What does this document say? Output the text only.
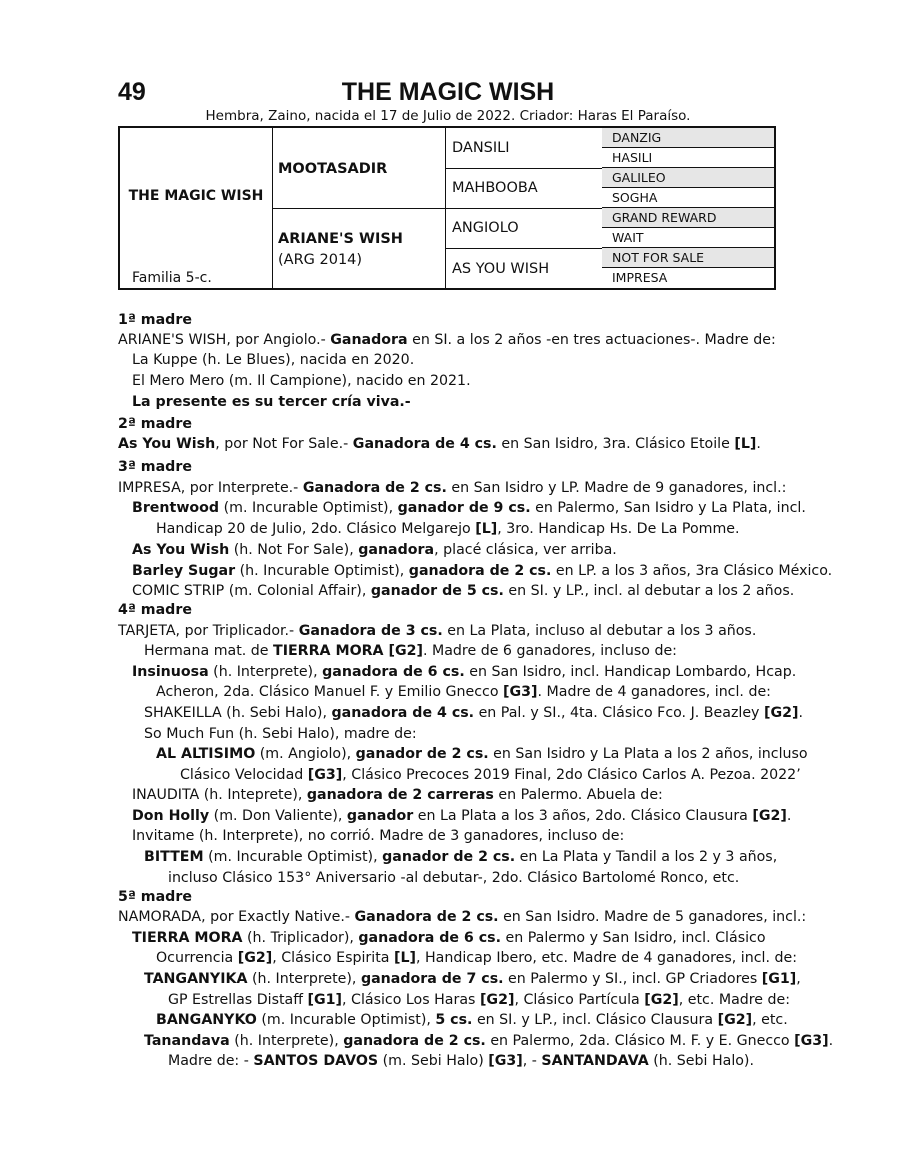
49	THE MAGIC WISH
Hembra, Zaino, nacida el 17 de Julio de 2022. Criador: Haras El Paraíso.
THE MAGIC WISH
Familia 5-c.
MOOTASADIR
ARIANE'S WISH
(ARG 2014)
DANSILI
MAHBOOBA
ANGIOLO
AS YOU WISH
DANZIG
HASILI
GALILEO
SOGHA
GRAND REWARD
WAIT
NOT FOR SALE
IMPRESA
1ª madre
ARIANE'S WISH, por Angiolo.- Ganadora en SI. a los 2 años -en tres actuaciones-. Madre de:
La Kuppe (h. Le Blues), nacida en 2020.
El Mero Mero (m. Il Campione), nacido en 2021.
La presente es su tercer cría viva.-
2ª madre
As You Wish, por Not For Sale.- Ganadora de 4 cs. en San Isidro, 3ra. Clásico Etoile [L].
3ª madre
IMPRESA, por Interprete.- Ganadora de 2 cs. en San Isidro y LP. Madre de 9 ganadores, incl.:
Brentwood (m. Incurable Optimist), ganador de 9 cs. en Palermo, San Isidro y La Plata, incl.
Handicap 20 de Julio, 2do. Clásico Melgarejo [L], 3ro. Handicap Hs. De La Pomme.
As You Wish (h. Not For Sale), ganadora, placé clásica, ver arriba.
Barley Sugar (h. Incurable Optimist), ganadora de 2 cs. en LP. a los 3 años, 3ra Clásico México.
COMIC STRIP (m. Colonial Affair), ganador de 5 cs. en SI. y LP., incl. al debutar a los 2 años.
4ª madre
TARJETA, por Triplicador.- Ganadora de 3 cs. en La Plata, incluso al debutar a los 3 años.
Hermana mat. de TIERRA MORA [G2]. Madre de 6 ganadores, incluso de:
Insinuosa (h. Interprete), ganadora de 6 cs. en San Isidro, incl. Handicap Lombardo, Hcap.
Acheron, 2da. Clásico Manuel F. y Emilio Gnecco [G3]. Madre de 4 ganadores, incl. de:
SHAKEILLA (h. Sebi Halo), ganadora de 4 cs. en Pal. y SI., 4ta. Clásico Fco. J. Beazley [G2].
So Much Fun (h. Sebi Halo), madre de:
AL ALTISIMO (m. Angiolo), ganador de 2 cs. en San Isidro y La Plata a los 2 años, incluso
Clásico Velocidad [G3], Clásico Precoces 2019 Final, 2do Clásico Carlos A. Pezoa. 2022’
INAUDITA (h. Inteprete), ganadora de 2 carreras en Palermo. Abuela de:
Don Holly (m. Don Valiente), ganador en La Plata a los 3 años, 2do. Clásico Clausura [G2].
Invitame (h. Interprete), no corrió. Madre de 3 ganadores, incluso de:
BITTEM (m. Incurable Optimist), ganador de 2 cs. en La Plata y Tandil a los 2 y 3 años,
incluso Clásico 153° Aniversario -al debutar-, 2do. Clásico Bartolomé Ronco, etc.
5ª madre
NAMORADA, por Exactly Native.- Ganadora de 2 cs. en San Isidro. Madre de 5 ganadores, incl.:
TIERRA MORA (h. Triplicador), ganadora de 6 cs. en Palermo y San Isidro, incl. Clásico
Ocurrencia [G2], Clásico Espirita [L], Handicap Ibero, etc. Madre de 4 ganadores, incl. de:
TANGANYIKA (h. Interprete), ganadora de 7 cs. en Palermo y SI., incl. GP Criadores [G1],
GP Estrellas Distaff [G1], Clásico Los Haras [G2], Clásico Partícula [G2], etc. Madre de:
BANGANYKO (m. Incurable Optimist), 5 cs. en SI. y LP., incl. Clásico Clausura [G2], etc.
Tanandava (h. Interprete), ganadora de 2 cs. en Palermo, 2da. Clásico M. F. y E. Gnecco [G3].
Madre de: - SANTOS DAVOS (m. Sebi Halo) [G3], - SANTANDAVA (h. Sebi Halo).
